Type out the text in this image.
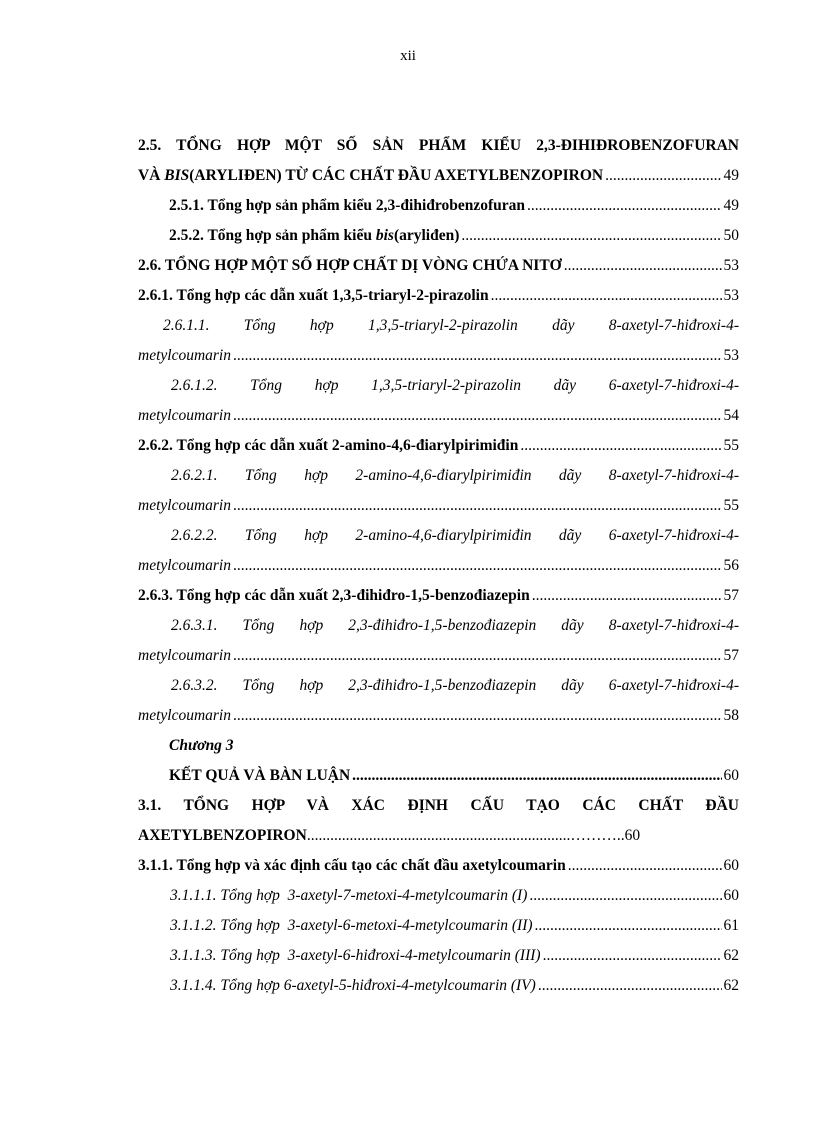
xii
2.5. TỔNG HỢP MỘT SỐ SẢN PHẨM KIỂU 2,3-ĐIHIĐROBENZOFURAN
VÀ BIS(ARYLIĐEN) TỪ CÁC CHẤT ĐẦU AXETYLBENZOPIRON .....	49
2.5.1. Tổng hợp sản phẩm kiểu 2,3-đihiđrobenzofuran .....	49
2.5.2. Tổng hợp sản phẩm kiểu bis(aryliđen) .....	50
2.6. TỔNG HỢP MỘT SỐ HỢP CHẤT DỊ VÒNG CHỨA NITƠ .....	53
2.6.1. Tổng hợp các dẫn xuất 1,3,5-triaryl-2-pirazolin .....	53
2.6.1.1. Tổng hợp 1,3,5-triaryl-2-pirazolin dãy 8-axetyl-7-hiđroxi-4-
metylcoumarin .....	53
2.6.1.2. Tổng hợp 1,3,5-triaryl-2-pirazolin dãy 6-axetyl-7-hiđroxi-4-
metylcoumarin .....	54
2.6.2. Tổng hợp các dẫn xuất 2-amino-4,6-điarylpirimiđin .....	55
2.6.2.1. Tổng hợp 2-amino-4,6-điarylpirimiđin dãy 8-axetyl-7-hiđroxi-4-
metylcoumarin .....	55
2.6.2.2. Tổng hợp 2-amino-4,6-điarylpirimiđin dãy 6-axetyl-7-hiđroxi-4-
metylcoumarin .....	56
2.6.3. Tổng hợp các dẫn xuất 2,3-đihiđro-1,5-benzođiazepin .....	57
2.6.3.1. Tổng hợp 2,3-đihiđro-1,5-benzođiazepin dãy 8-axetyl-7-hiđroxi-4-
metylcoumarin .....	57
2.6.3.2. Tổng hợp 2,3-đihiđro-1,5-benzođiazepin dãy 6-axetyl-7-hiđroxi-4-
metylcoumarin .....	58
Chương 3
KẾT QUẢ VÀ BÀN LUẬN .....	60
3.1. TỔNG HỢP VÀ XÁC ĐỊNH CẤU TẠO CÁC CHẤT ĐẦU
AXETYLBENZOPIRON....................................................................………..60
3.1.1. Tổng hợp và xác định cấu tạo các chất đầu axetylcoumarin .....	60
3.1.1.1. Tổng hợp  3-axetyl-7-metoxi-4-metylcoumarin (I) .....	60
3.1.1.2. Tổng hợp  3-axetyl-6-metoxi-4-metylcoumarin (II) .....	61
3.1.1.3. Tổng hợp  3-axetyl-6-hiđroxi-4-metylcoumarin (III) .....	62
3.1.1.4. Tổng hợp 6-axetyl-5-hiđroxi-4-metylcoumarin (IV) .....	62
